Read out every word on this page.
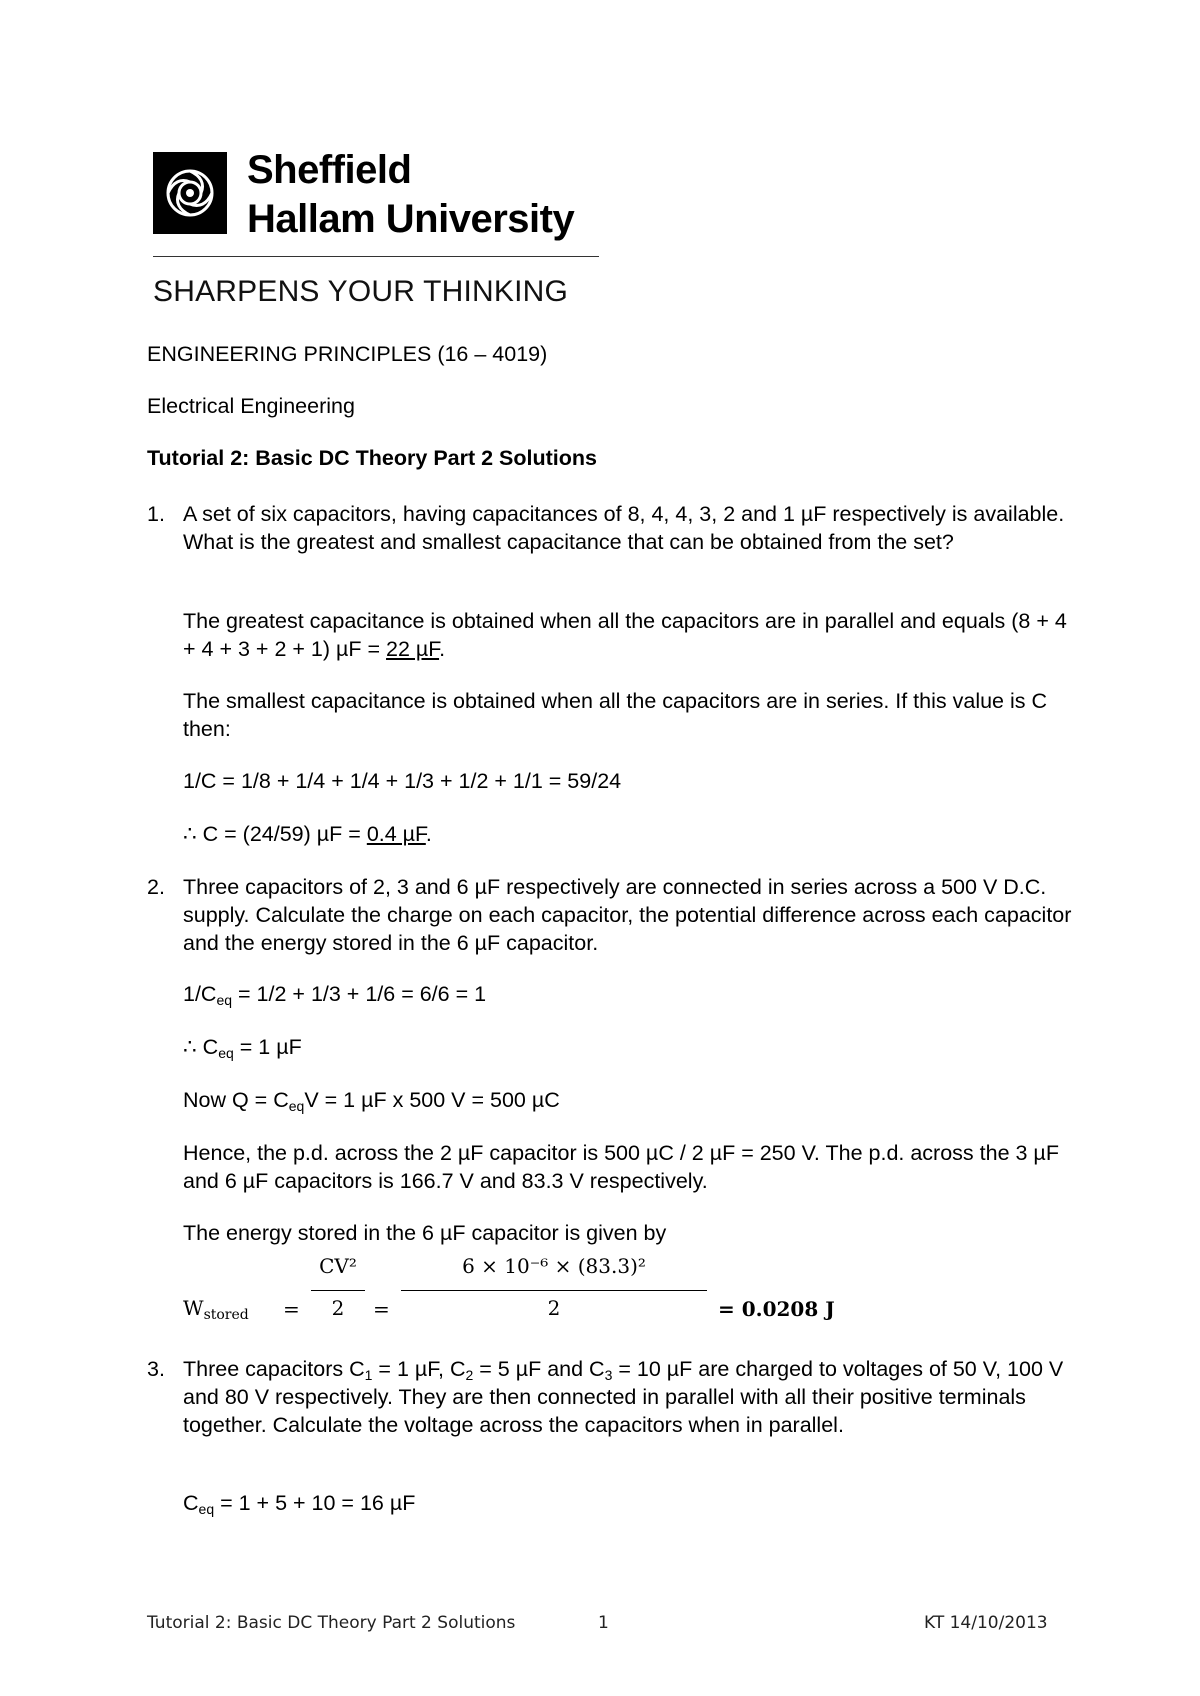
Sheffield
Hallam University
SHARPENS YOUR THINKING
ENGINEERING PRINCIPLES (16 – 4019)
Electrical Engineering
Tutorial 2: Basic DC Theory Part 2 Solutions
1. A set of six capacitors, having capacitances of 8, 4, 4, 3, 2 and 1 µF respectively is available. What is the greatest and smallest capacitance that can be obtained from the set?
The greatest capacitance is obtained when all the capacitors are in parallel and equals (8 + 4 + 4 + 3 + 2 + 1) µF = 22 µF.
The smallest capacitance is obtained when all the capacitors are in series. If this value is C then:
1/C = 1/8 + 1/4 + 1/4 + 1/3 + 1/2 + 1/1 = 59/24
∴ C = (24/59) µF = 0.4 µF.
2. Three capacitors of 2, 3 and 6 µF respectively are connected in series across a 500 V D.C. supply. Calculate the charge on each capacitor, the potential difference across each capacitor and the energy stored in the 6 µF capacitor.
$1/C_{eq} = 1/2 + 1/3 + 1/6 = 6/6 = 1$
∴ $C_{eq} = 1$ µF
Now $Q = C_{eq}V = 1$ µF x 500 V = 500 µC
Hence, the p.d. across the 2 µF capacitor is 500 µC / 2 µF = 250 V. The p.d. across the 3 µF and 6 µF capacitors is 166.7 V and 83.3 V respectively.
The energy stored in the 6 µF capacitor is given by
$W_{stored}$ =
CV²
2	=
6 × 10⁻⁶ × (83.3)²
2	= 0.0208 J
3. Three capacitors $C_1 = 1$ µF, $C_2 = 5$ µF and $C_3 = 10$ µF are charged to voltages of 50 V, 100 V and 80 V respectively. They are then connected in parallel with all their positive terminals together. Calculate the voltage across the capacitors when in parallel.
$C_{eq} = 1 + 5 + 10 = 16$ µF
Tutorial 2: Basic DC Theory Part 2 Solutions	1	KT 14/10/2013
